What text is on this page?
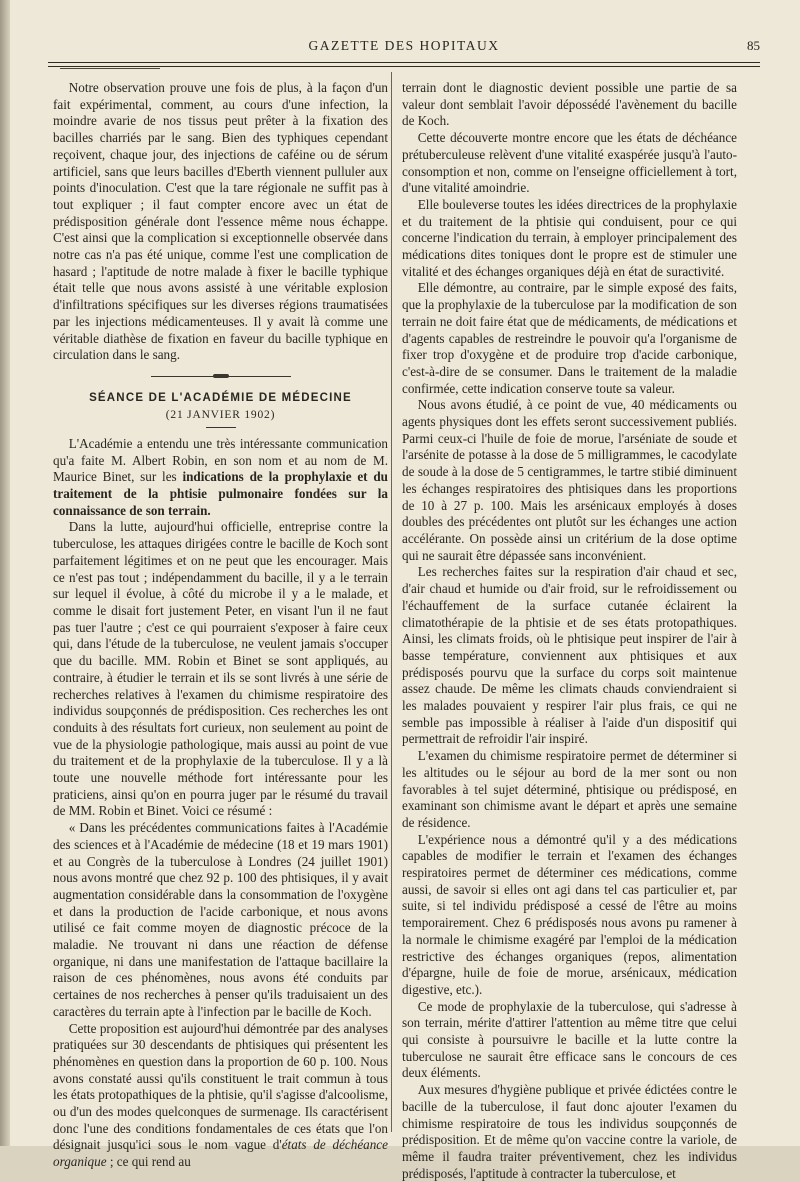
GAZETTE DES HOPITAUX	85

Notre observation prouve une fois de plus, à la façon d'un fait expérimental, comment, au cours d'une infection, la moindre avarie de nos tissus peut prêter à la fixation des bacilles charriés par le sang. Bien des typhiques cependant reçoivent, chaque jour, des injections de caféine ou de sérum artificiel, sans que leurs bacilles d'Eberth viennent pulluler aux points d'inoculation. C'est que la tare régionale ne suffit pas à tout expliquer ; il faut compter encore avec un état de prédisposition générale dont l'essence même nous échappe. C'est ainsi que la complication si exceptionnelle observée dans notre cas n'a pas été unique, comme l'est une complication de hasard ; l'aptitude de notre malade à fixer le bacille typhique était telle que nous avons assisté à une véritable explosion d'infiltrations spécifiques sur les diverses régions traumatisées par les injections médicamenteuses. Il y avait là comme une véritable diathèse de fixation en faveur du bacille typhique en circulation dans le sang.

SÉANCE DE L'ACADÉMIE DE MÉDECINE

(21 JANVIER 1902)

L'Académie a entendu une très intéressante communication qu'a faite M. Albert Robin, en son nom et au nom de M. Maurice Binet, sur les indications de la prophylaxie et du traitement de la phtisie pulmonaire fondées sur la connaissance de son terrain.

Dans la lutte, aujourd'hui officielle, entreprise contre la tuberculose, les attaques dirigées contre le bacille de Koch sont parfaitement légitimes et on ne peut que les encourager. Mais ce n'est pas tout ; indépendamment du bacille, il y a le terrain sur lequel il évolue, à côté du microbe il y a le malade, et comme le disait fort justement Peter, en visant l'un il ne faut pas tuer l'autre ; c'est ce qui pourraient s'exposer à faire ceux qui, dans l'étude de la tuberculose, ne veulent jamais s'occuper que du bacille. MM. Robin et Binet se sont appliqués, au contraire, à étudier le terrain et ils se sont livrés à une série de recherches relatives à l'examen du chimisme respiratoire des individus soupçonnés de prédisposition. Ces recherches les ont conduits à des résultats fort curieux, non seulement au point de vue de la physiologie pathologique, mais aussi au point de vue du traitement et de la prophylaxie de la tuberculose. Il y a là toute une nouvelle méthode fort intéressante pour les praticiens, ainsi qu'on en pourra juger par le résumé du travail de MM. Robin et Binet. Voici ce résumé :

« Dans les précédentes communications faites à l'Académie des sciences et à l'Académie de médecine (18 et 19 mars 1901) et au Congrès de la tuberculose à Londres (24 juillet 1901) nous avons montré que chez 92 p. 100 des phtisiques, il y avait augmentation considérable dans la consommation de l'oxygène et dans la production de l'acide carbonique, et nous avons utilisé ce fait comme moyen de diagnostic précoce de la maladie. Ne trouvant ni dans une réaction de défense organique, ni dans une manifestation de l'attaque bacillaire la raison de ces phénomènes, nous avons été conduits par certaines de nos recherches à penser qu'ils traduisaient un des caractères du terrain apte à l'infection par le bacille de Koch.

Cette proposition est aujourd'hui démontrée par des analyses pratiquées sur 30 descendants de phtisiques qui présentent les phénomènes en question dans la proportion de 60 p. 100. Nous avons constaté aussi qu'ils constituent le trait commun à tous les états protopathiques de la phtisie, qu'il s'agisse d'alcoolisme, ou d'un des modes quelconques de surmenage. Ils caractérisent donc l'une des conditions fondamentales de ces états que l'on désignait jusqu'ici sous le nom vague d'états de déchéance organique ; ce qui rend au

terrain dont le diagnostic devient possible une partie de sa valeur dont semblait l'avoir dépossédé l'avènement du bacille de Koch.

Cette découverte montre encore que les états de déchéance prétuberculeuse relèvent d'une vitalité exaspérée jusqu'à l'auto-consomption et non, comme on l'enseigne officiellement à tort, d'une vitalité amoindrie.

Elle bouleverse toutes les idées directrices de la prophylaxie et du traitement de la phtisie qui conduisent, pour ce qui concerne l'indication du terrain, à employer principalement des médications dites toniques dont le propre est de stimuler une vitalité et des échanges organiques déjà en état de suractivité.

Elle démontre, au contraire, par le simple exposé des faits, que la prophylaxie de la tuberculose par la modification de son terrain ne doit faire état que de médicaments, de médications et d'agents capables de restreindre le pouvoir qu'a l'organisme de fixer trop d'oxygène et de produire trop d'acide carbonique, c'est-à-dire de se consumer. Dans le traitement de la maladie confirmée, cette indication conserve toute sa valeur.

Nous avons étudié, à ce point de vue, 40 médicaments ou agents physiques dont les effets seront successivement publiés. Parmi ceux-ci l'huile de foie de morue, l'arséniate de soude et l'arsénite de potasse à la dose de 5 milligrammes, le cacodylate de soude à la dose de 5 centigrammes, le tartre stibié diminuent les échanges respiratoires des phtisiques dans les proportions de 10 à 27 p. 100. Mais les arsénicaux employés à doses doubles des précédentes ont plutôt sur les échanges une action accélérante. On possède ainsi un critérium de la dose optime qui ne saurait être dépassée sans inconvénient.

Les recherches faites sur la respiration d'air chaud et sec, d'air chaud et humide ou d'air froid, sur le refroidissement ou l'échauffement de la surface cutanée éclairent la climatothérapie de la phtisie et de ses états protopathiques. Ainsi, les climats froids, où le phtisique peut inspirer de l'air à basse température, conviennent aux phtisiques et aux prédisposés pourvu que la surface du corps soit maintenue assez chaude. De même les climats chauds conviendraient si les malades pouvaient y respirer l'air plus frais, ce qui ne semble pas impossible à réaliser à l'aide d'un dispositif qui permettrait de refroidir l'air inspiré.

L'examen du chimisme respiratoire permet de déterminer si les altitudes ou le séjour au bord de la mer sont ou non favorables à tel sujet déterminé, phtisique ou prédisposé, en examinant son chimisme avant le départ et après une semaine de résidence.

L'expérience nous a démontré qu'il y a des médications capables de modifier le terrain et l'examen des échanges respiratoires permet de déterminer ces médications, comme aussi, de savoir si elles ont agi dans tel cas particulier et, par suite, si tel individu prédisposé a cessé de l'être au moins temporairement. Chez 6 prédisposés nous avons pu ramener à la normale le chimisme exagéré par l'emploi de la médication restrictive des échanges organiques (repos, alimentation d'épargne, huile de foie de morue, arsénicaux, médication digestive, etc.).

Ce mode de prophylaxie de la tuberculose, qui s'adresse à son terrain, mérite d'attirer l'attention au même titre que celui qui consiste à poursuivre le bacille et la lutte contre la tuberculose ne saurait être efficace sans le concours de ces deux éléments.

Aux mesures d'hygiène publique et privée édictées contre le bacille de la tuberculose, il faut donc ajouter l'examen du chimisme respiratoire de tous les individus soupçonnés de prédisposition. Et de même qu'on vaccine contre la variole, de même il faudra traiter préventivement, chez les individus prédisposés, l'aptitude à contracter la tuberculose, et
